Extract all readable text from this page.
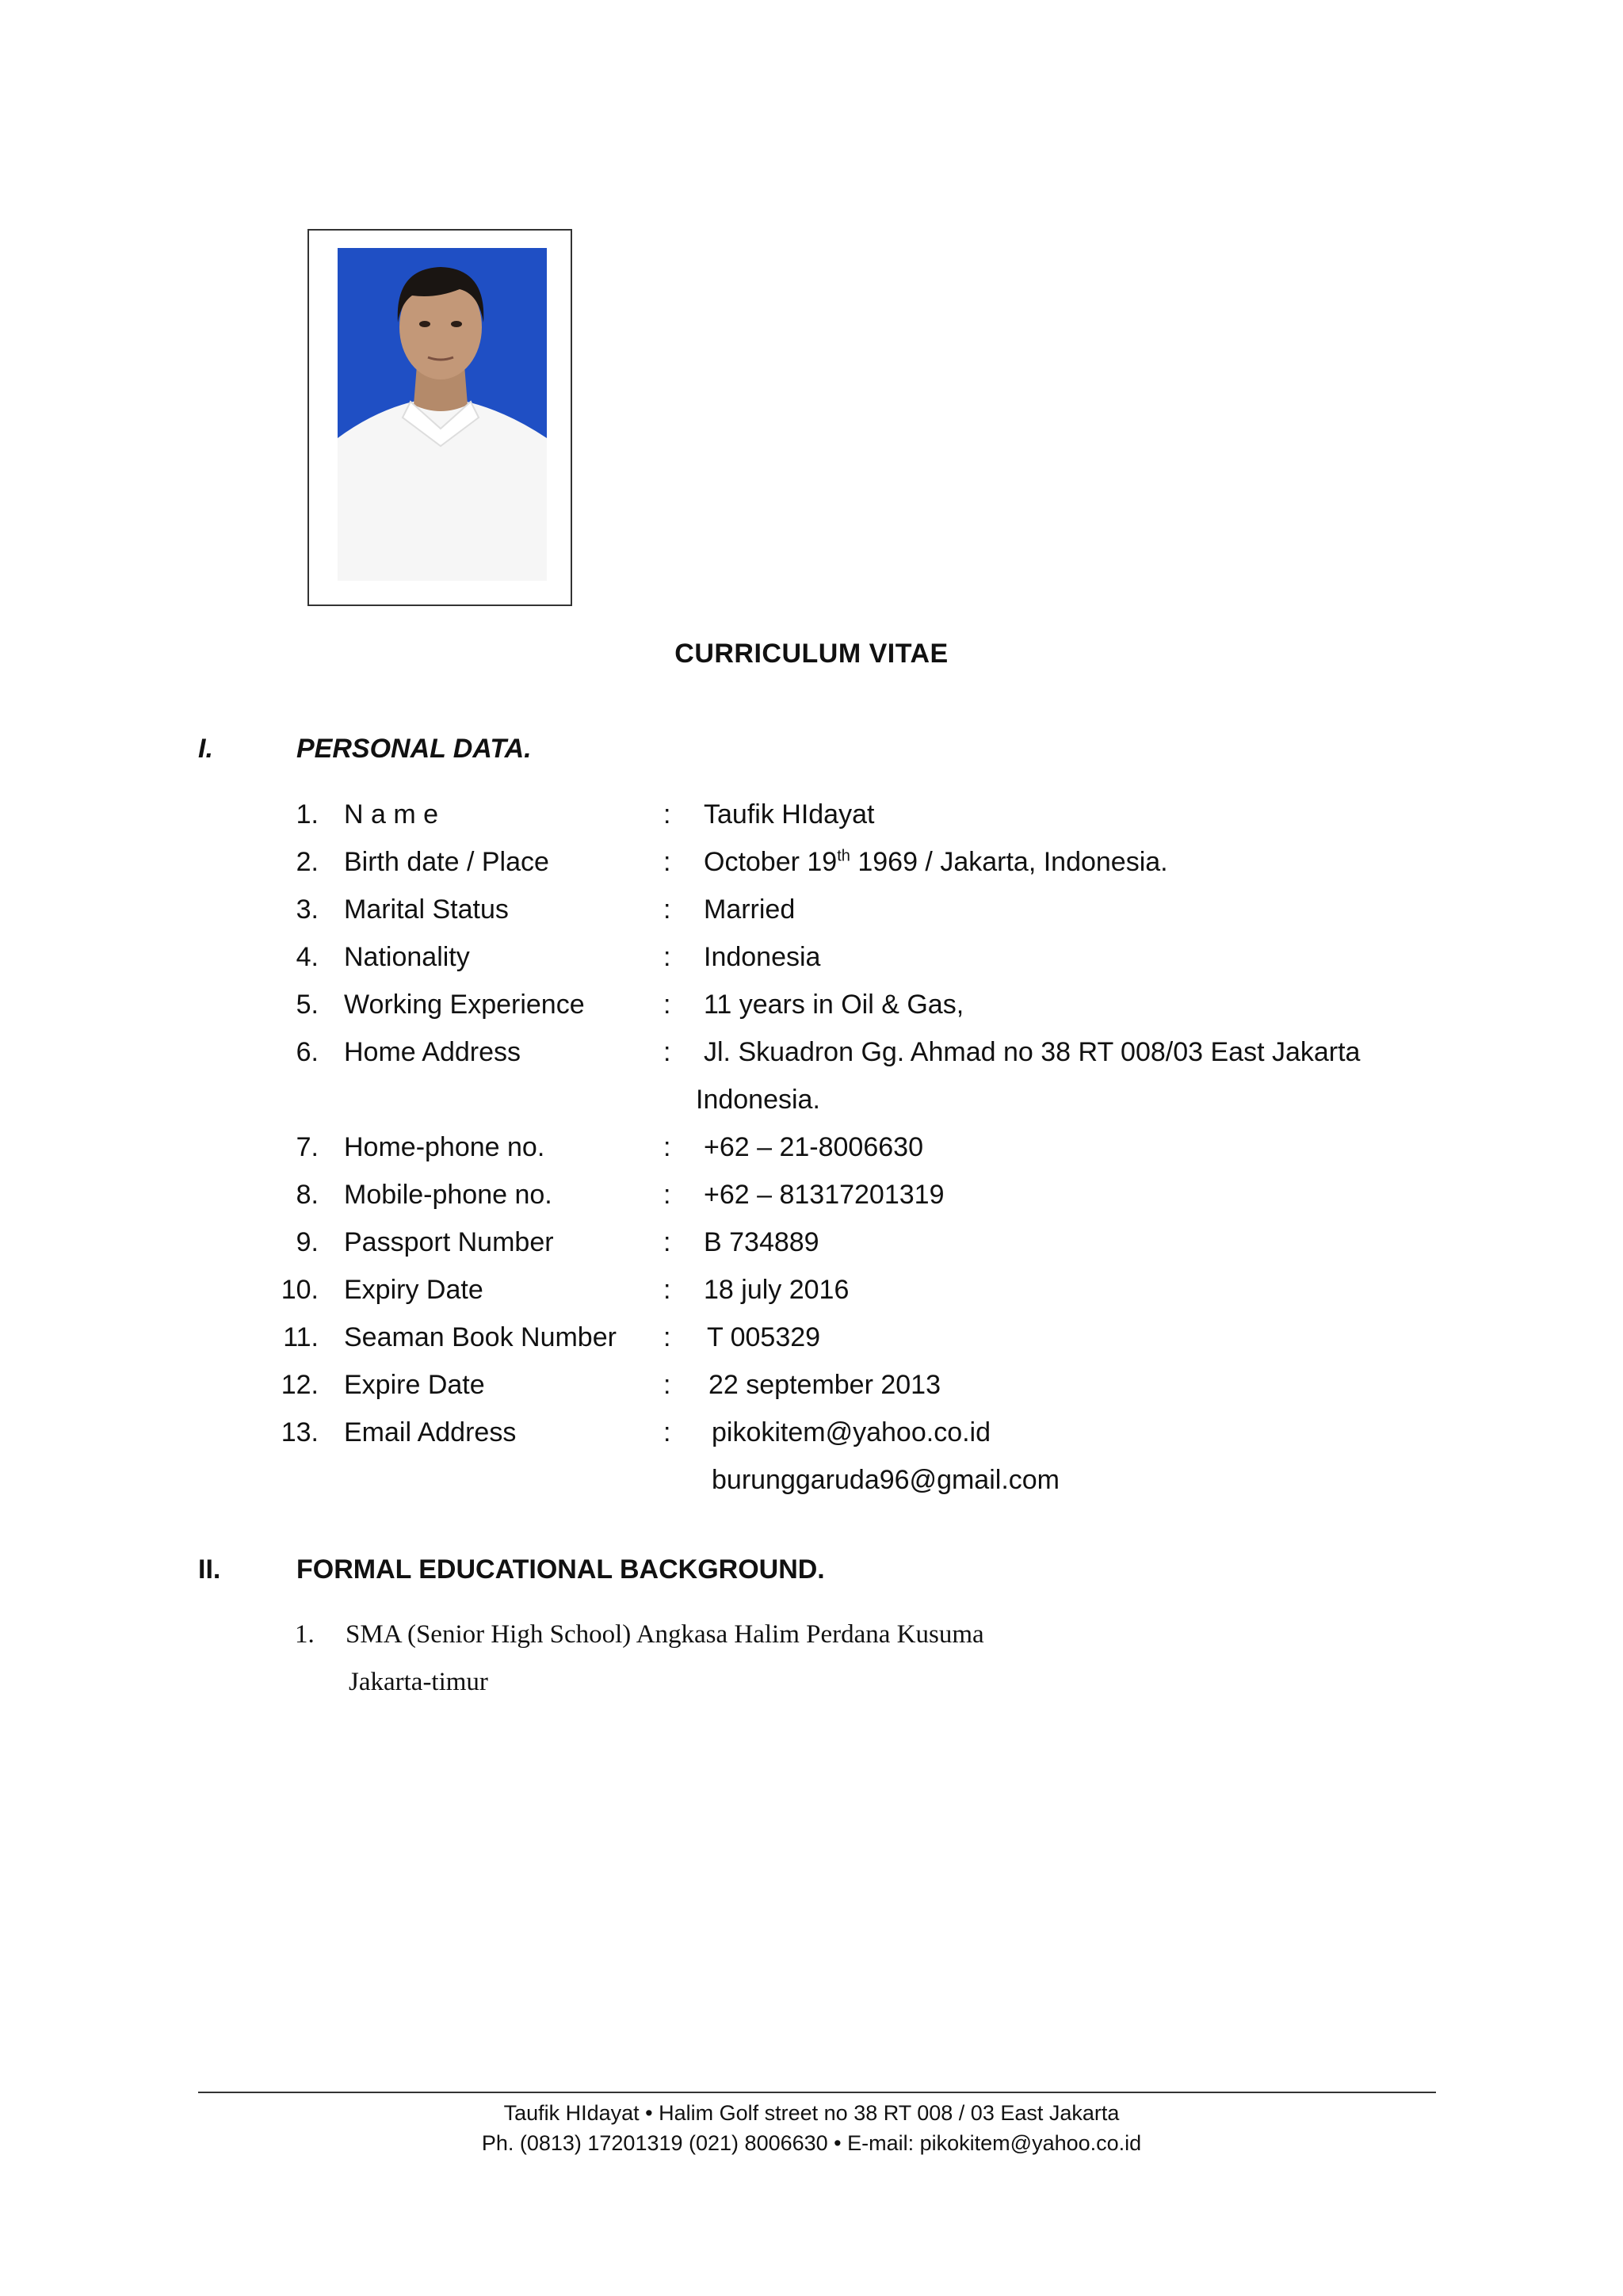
CURRICULUM VITAE
I.	PERSONAL DATA.
1. N a m e	: Taufik HIdayat
2. Birth date / Place	: October 19th 1969 / Jakarta, Indonesia.
3. Marital Status	: Married
4. Nationality	: Indonesia
5. Working Experience	: 11 years in Oil & Gas,
6. Home Address	: Jl. Skuadron Gg. Ahmad no 38 RT 008/03 East Jakarta
Indonesia.
7. Home-phone no.	: +62 – 21-8006630
8. Mobile-phone no.	: +62 – 81317201319
9. Passport Number	: B 734889
10. Expiry Date	: 18 july 2016
11. Seaman Book Number : T 005329
12. Expire Date	: 22 september 2013
13. Email Address	: pikokitem@yahoo.co.id
burunggaruda96@gmail.com
II.	FORMAL EDUCATIONAL BACKGROUND.
1. SMA (Senior High School) Angkasa Halim Perdana Kusuma
Jakarta-timur
Taufik HIdayat • Halim Golf street no 38 RT 008 / 03 East Jakarta
Ph. (0813) 17201319 (021) 8006630 • E-mail: pikokitem@yahoo.co.id
